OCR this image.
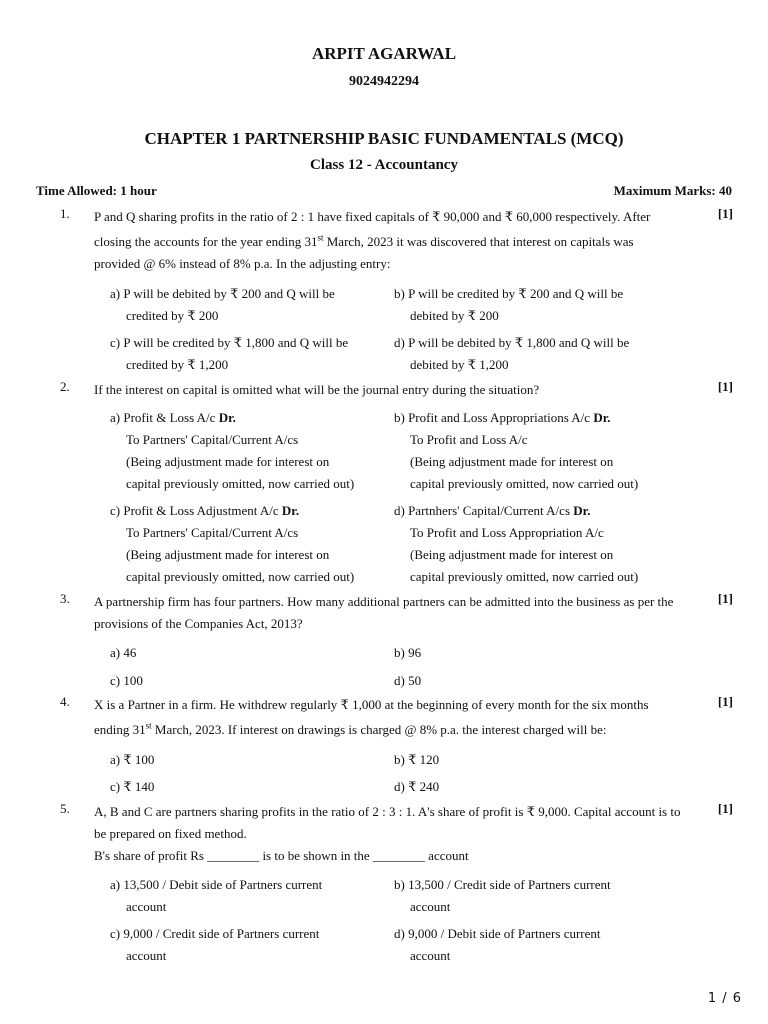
ARPIT AGARWAL
9024942294
CHAPTER 1 PARTNERSHIP BASIC FUNDAMENTALS (MCQ)
Class 12 - Accountancy
Time Allowed: 1 hour	Maximum Marks: 40
1.	P and Q sharing profits in the ratio of 2 : 1 have fixed capitals of ₹ 90,000 and ₹ 60,000 respectively. After
closing the accounts for the year ending 31st March, 2023 it was discovered that interest on capitals was
provided @ 6% instead of 8% p.a. In the adjusting entry:
[1]
a) P will be debited by ₹ 200 and Q will be
credited by ₹ 200
b) P will be credited by ₹ 200 and Q will be
debited by ₹ 200
c) P will be credited by ₹ 1,800 and Q will be
credited by ₹ 1,200
d) P will be debited by ₹ 1,800 and Q will be
debited by ₹ 1,200
2.	If the interest on capital is omitted what will be the journal entry during the situation?	[1]
a) Profit & Loss A/c Dr.
To Partners' Capital/Current A/cs
(Being adjustment made for interest on
capital previously omitted, now carried out)
b) Profit and Loss Appropriations A/c Dr.
To Profit and Loss A/c
(Being adjustment made for interest on
capital previously omitted, now carried out)
c) Profit & Loss Adjustment A/c Dr.
To Partners' Capital/Current A/cs
(Being adjustment made for interest on
capital previously omitted, now carried out)
d) Partnhers' Capital/Current A/cs Dr.
To Profit and Loss Appropriation A/c
(Being adjustment made for interest on
capital previously omitted, now carried out)
3.	A partnership firm has four partners. How many additional partners can be admitted into the business as per the
provisions of the Companies Act, 2013?
[1]
a) 46	b) 96
c) 100	d) 50
4.	X is a Partner in a firm. He withdrew regularly ₹ 1,000 at the beginning of every month for the six months
ending 31st March, 2023. If interest on drawings is charged @ 8% p.a. the interest charged will be:
[1]
a) ₹ 100	b) ₹ 120
c) ₹ 140	d) ₹ 240
5.	A, B and C are partners sharing profits in the ratio of 2 : 3 : 1. A's share of profit is ₹ 9,000. Capital account is to
be prepared on fixed method.
B's share of profit Rs ________ is to be shown in the ________ account
[1]
a) 13,500 / Debit side of Partners current
account
b) 13,500 / Credit side of Partners current
account
c) 9,000 / Credit side of Partners current
account
d) 9,000 / Debit side of Partners current
account
1 / 6
